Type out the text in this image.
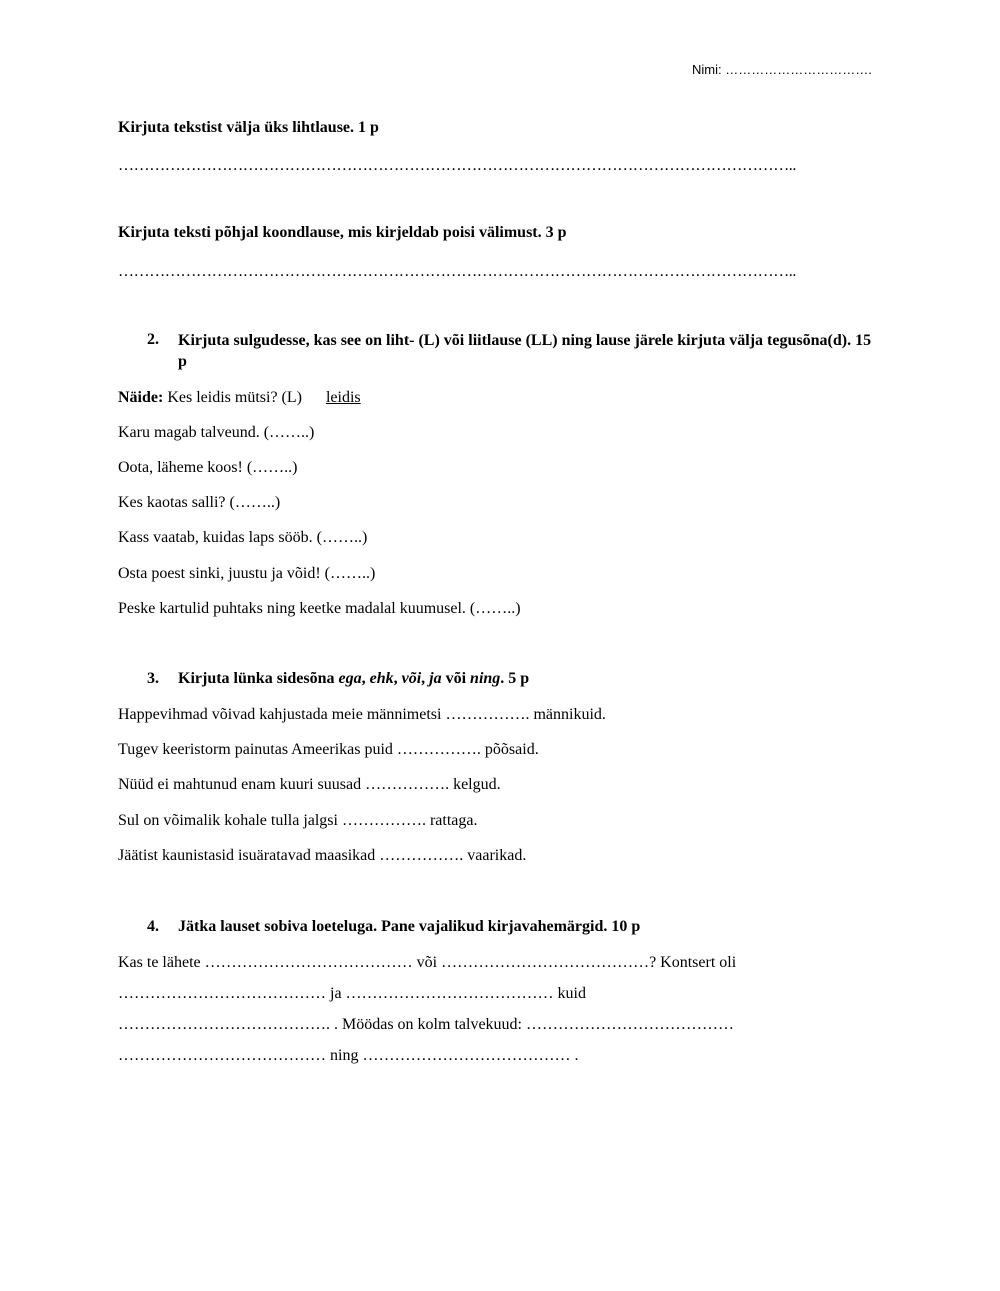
Nimi: …………………………….
Kirjuta tekstist välja üks lihtlause. 1 p
…………………………………………………………………………………………………………………..
Kirjuta teksti põhjal koondlause, mis kirjeldab poisi välimust. 3 p
…………………………………………………………………………………………………………………..
2. Kirjuta sulgudesse, kas see on liht- (L) või liitlause (LL) ning lause järele kirjuta välja tegusõna(d). 15 p
Näide: Kes leidis mütsi? (L) leidis
Karu magab talveund. (……..)
Oota, läheme koos! (……..)
Kes kaotas salli? (……..)
Kass vaatab, kuidas laps sööb. (……..)
Osta poest sinki, juustu ja võid! (……..)
Peske kartulid puhtaks ning keetke madalal kuumusel. (……..)
3. Kirjuta lünka sidesõna ega, ehk, või, ja või ning. 5 p
Happevihmad võivad kahjustada meie männimetsi ……………. männikuid.
Tugev keeristorm painutas Ameerikas puid ……………. põõsaid.
Nüüd ei mahtunud enam kuuri suusad ……………. kelgud.
Sul on võimalik kohale tulla jalgsi ……………. rattaga.
Jäätist kaunistasid isuäratavad maasikad ……………. vaarikad.
4. Jätka lauset sobiva loeteluga. Pane vajalikud kirjavahemärgid. 10 p
Kas te lähete ………………………………… või …………………………………? Kontsert oli
………………………………… ja ………………………………… kuid
…………………………………. . Möödas on kolm talvekuud: …………………………………
………………………………… ning ………………………………… .
